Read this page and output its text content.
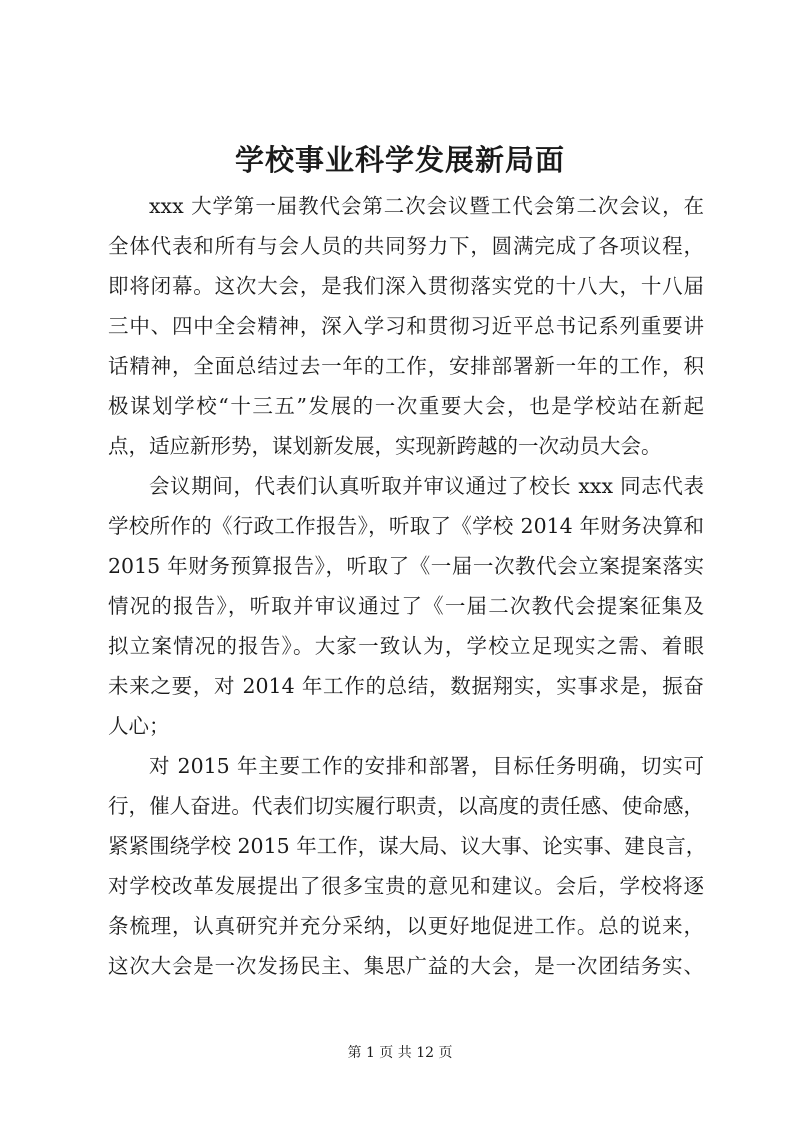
学校事业科学发展新局面
xxx 大学第一届教代会第二次会议暨工代会第二次会议，在
全体代表和所有与会人员的共同努力下，圆满完成了各项议程，
即将闭幕。这次大会，是我们深入贯彻落实党的十八大，十八届
三中、四中全会精神，深入学习和贯彻习近平总书记系列重要讲
话精神，全面总结过去一年的工作，安排部署新一年的工作，积
极谋划学校“十三五”发展的一次重要大会，也是学校站在新起
点，适应新形势，谋划新发展，实现新跨越的一次动员大会。
会议期间，代表们认真听取并审议通过了校长 xxx 同志代表
学校所作的《行政工作报告》，听取了《学校 2014 年财务决算和
2015 年财务预算报告》，听取了《一届一次教代会立案提案落实
情况的报告》，听取并审议通过了《一届二次教代会提案征集及
拟立案情况的报告》。大家一致认为，学校立足现实之需、着眼
未来之要，对 2014 年工作的总结，数据翔实，实事求是，振奋
人心；
对 2015 年主要工作的安排和部署，目标任务明确，切实可
行，催人奋进。代表们切实履行职责，以高度的责任感、使命感，
紧紧围绕学校 2015 年工作，谋大局、议大事、论实事、建良言，
对学校改革发展提出了很多宝贵的意见和建议。会后，学校将逐
条梳理，认真研究并充分采纳，以更好地促进工作。总的说来，
这次大会是一次发扬民主、集思广益的大会，是一次团结务实、
第 1 页 共 12 页
